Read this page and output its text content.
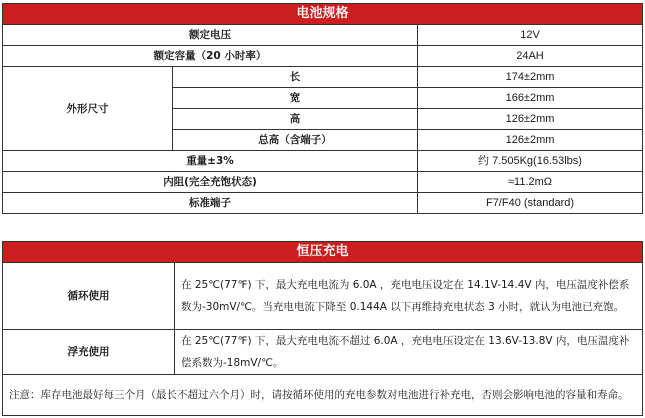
电池规格		
额定电压		12V
额定容量（20 小时率）		24AH
外形尺寸	长	174±2mm
	宽	166±2mm
	高	126±2mm
	总高（含端子）	126±2mm
重量±3%		约 7.505Kg(16.53lbs)
内阻(完全充饱状态)		≈11.2mΩ
标准端子		F7/F40 (standard)
恒压充电	
循环使用	在 25℃(77℉) 下，最大充电电流为 6.0A ，充电电压设定在 14.1V-14.4V 内，电压温度补偿系数为-30mV/℃。当充电电流下降至 0.144A 以下再维持充电状态 3 小时，就认为电池已充饱。
浮充使用	在 25℃(77℉) 下，最大充电电流不超过 6.0A ，充电电压设定在 13.6V-13.8V 内，电压温度补偿系数为-18mV/℃。
注意：库存电池最好每三个月（最长不超过六个月）时，请按循环使用的充电参数对电池进行补充电，否则会影响电池的容量和寿命。	
